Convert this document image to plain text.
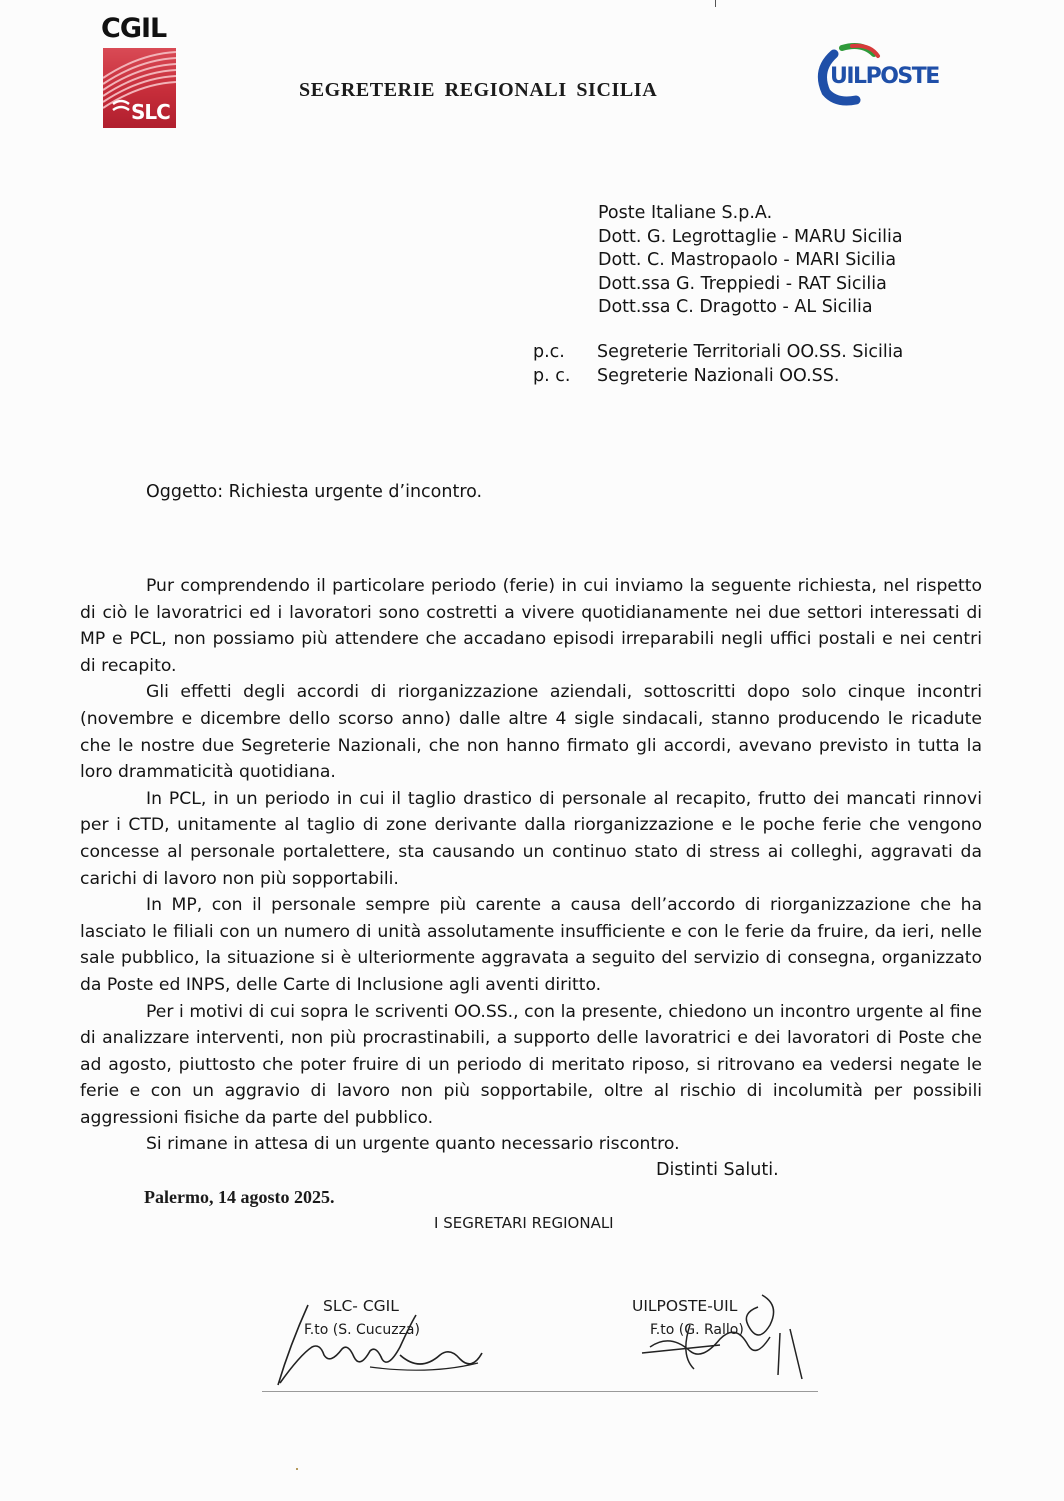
CGIL
SLC
SEGRETERIE REGIONALI SICILIA
UILPOSTE
Poste Italiane S.p.A.
Dott. G. Legrottaglie - MARU Sicilia
Dott. C. Mastropaolo - MARI Sicilia
Dott.ssa G. Treppiedi - RAT Sicilia
Dott.ssa C. Dragotto - AL Sicilia
p.c.	Segreterie Territoriali OO.SS. Sicilia
p. c.	Segreterie Nazionali OO.SS.
Oggetto: Richiesta urgente d’incontro.

Pur comprendendo il particolare periodo (ferie) in cui inviamo la seguente richiesta, nel rispetto di ciò le lavoratrici ed i lavoratori sono costretti a vivere quotidianamente nei due settori interessati di MP e PCL, non possiamo più attendere che accadano episodi irreparabili negli uffici postali e nei centri di recapito.

Gli effetti degli accordi di riorganizzazione aziendali, sottoscritti dopo solo cinque incontri (novembre e dicembre dello scorso anno) dalle altre 4 sigle sindacali, stanno producendo le ricadute che le nostre due Segreterie Nazionali, che non hanno firmato gli accordi, avevano previsto in tutta la loro drammaticità quotidiana.

In PCL, in un periodo in cui il taglio drastico di personale al recapito, frutto dei mancati rinnovi per i CTD, unitamente al taglio di zone derivante dalla riorganizzazione e le poche ferie che vengono concesse al personale portalettere, sta causando un continuo stato di stress ai colleghi, aggravati da carichi di lavoro non più sopportabili.

In MP, con il personale sempre più carente a causa dell’accordo di riorganizzazione che ha lasciato le filiali con un numero di unità assolutamente insufficiente e con le ferie da fruire, da ieri, nelle sale pubblico, la situazione si è ulteriormente aggravata a seguito del servizio di consegna, organizzato da Poste ed INPS, delle Carte di Inclusione agli aventi diritto.

Per i motivi di cui sopra le scriventi OO.SS., con la presente, chiedono un incontro urgente al fine di analizzare interventi, non più procrastinabili, a supporto delle lavoratrici e dei lavoratori di Poste che ad agosto, piuttosto che poter fruire di un periodo di meritato riposo, si ritrovano ea vedersi negate le ferie e con un aggravio di lavoro non più sopportabile, oltre al rischio di incolumità per possibili aggressioni fisiche da parte del pubblico.

Si rimane in attesa di un urgente quanto necessario riscontro.

Distinti Saluti.
Palermo, 14 agosto 2025.
I SEGRETARI REGIONALI
SLC- CGIL
F.to (S. Cucuzza)
UILPOSTE-UIL
F.to (G. Rallo)
